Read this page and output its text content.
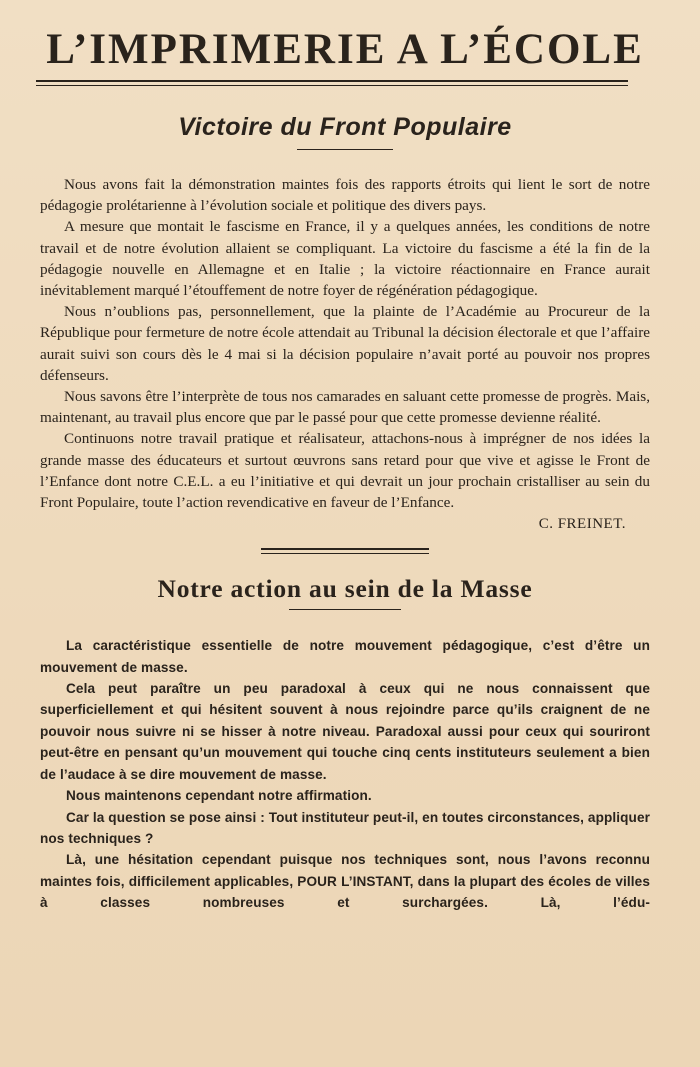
L’IMPRIMERIE A L’ÉCOLE
Victoire du Front Populaire

Nous avons fait la démonstration maintes fois des rapports étroits qui lient le sort de notre pédagogie prolétarienne à l’évolution sociale et politique des divers pays.

A mesure que montait le fascisme en France, il y a quelques années, les conditions de notre travail et de notre évolution allaient se compliquant. La victoire du fascisme a été la fin de la pédagogie nouvelle en Allemagne et en Italie ; la victoire réactionnaire en France aurait inévitablement marqué l’étouffement de notre foyer de régénération pédagogique.

Nous n’oublions pas, personnellement, que la plainte de l’Académie au Procureur de la République pour fermeture de notre école attendait au Tribunal la décision électorale et que l’affaire aurait suivi son cours dès le 4 mai si la décision populaire n’avait porté au pouvoir nos propres défenseurs.

Nous savons être l’interprète de tous nos camarades en saluant cette promesse de progrès. Mais, maintenant, au travail plus encore que par le passé pour que cette promesse devienne réalité.

Continuons notre travail pratique et réalisateur, attachons-nous à imprégner de nos idées la grande masse des éducateurs et surtout œuvrons sans retard pour que vive et agisse le Front de l’Enfance dont notre C.E.L. a eu l’initiative et qui devrait un jour prochain cristalliser au sein du Front Populaire, toute l’action revendicative en faveur de l’Enfance.

C. FREINET.
Notre action au sein de la Masse

La caractéristique essentielle de notre mouvement pédagogique, c’est d’être un mouvement de masse.

Cela peut paraître un peu paradoxal à ceux qui ne nous connaissent que superficiellement et qui hésitent souvent à nous rejoindre parce qu’ils craignent de ne pouvoir nous suivre ni se hisser à notre niveau. Paradoxal aussi pour ceux qui souriront peut-être en pensant qu’un mouvement qui touche cinq cents instituteurs seulement a bien de l’audace à se dire mouvement de masse.

Nous maintenons cependant notre affirmation.

Car la question se pose ainsi : Tout instituteur peut-il, en toutes circonstances, appliquer nos techniques ?

Là, une hésitation cependant puisque nos techniques sont, nous l’avons reconnu maintes fois, difficilement applicables, POUR L’INSTANT, dans la plupart des écoles de villes à classes nombreuses et surchargées. Là, l’édu-
